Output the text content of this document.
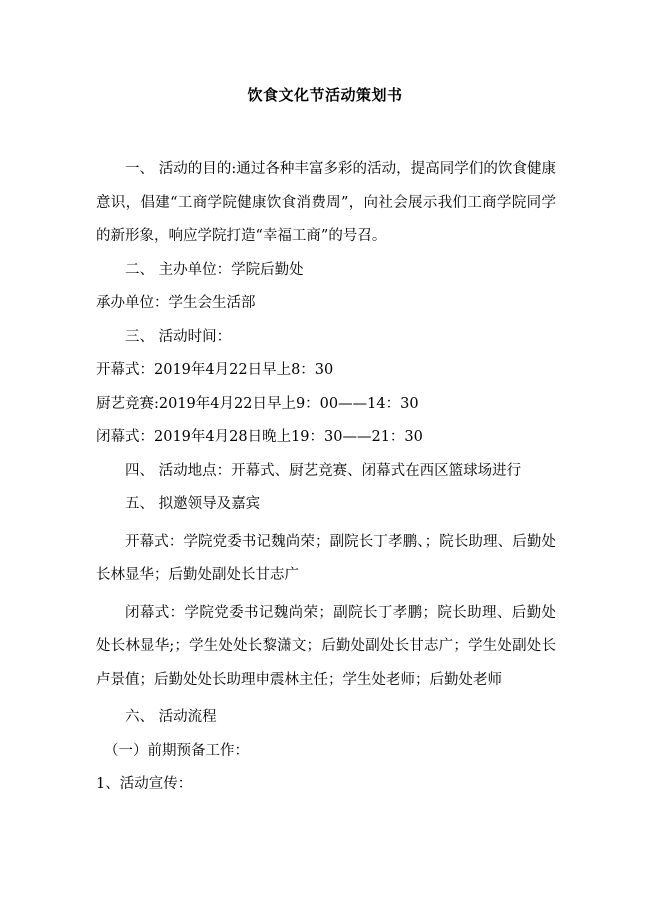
饮食文化节活动策划书

一、 活动的目的:通过各种丰富多彩的活动，提高同学们的饮食健康意识，倡建“工商学院健康饮食消费周”，向社会展示我们工商学院同学的新形象，响应学院打造“幸福工商”的号召。

二、 主办单位：学院后勤处

承办单位：学生会生活部

三、 活动时间：

开幕式：2019年4月22日早上8：30

厨艺竞赛:2019年4月22日早上9：00——14：30

闭幕式：2019年4月28日晚上19：30——21：30

四、 活动地点：开幕式、厨艺竞赛、闭幕式在西区篮球场进行

五、 拟邀领导及嘉宾

开幕式：学院党委书记魏尚荣；副院长丁孝鹏、；院长助理、后勤处长林显华；后勤处副处长甘志广

闭幕式：学院党委书记魏尚荣；副院长丁孝鹏；院长助理、后勤处处长林显华;；学生处处长黎潇文；后勤处副处长甘志广；学生处副处长卢景值；后勤处处长助理申震林主任；学生处老师；后勤处老师

六、 活动流程

（一）前期预备工作：

1、活动宣传：
